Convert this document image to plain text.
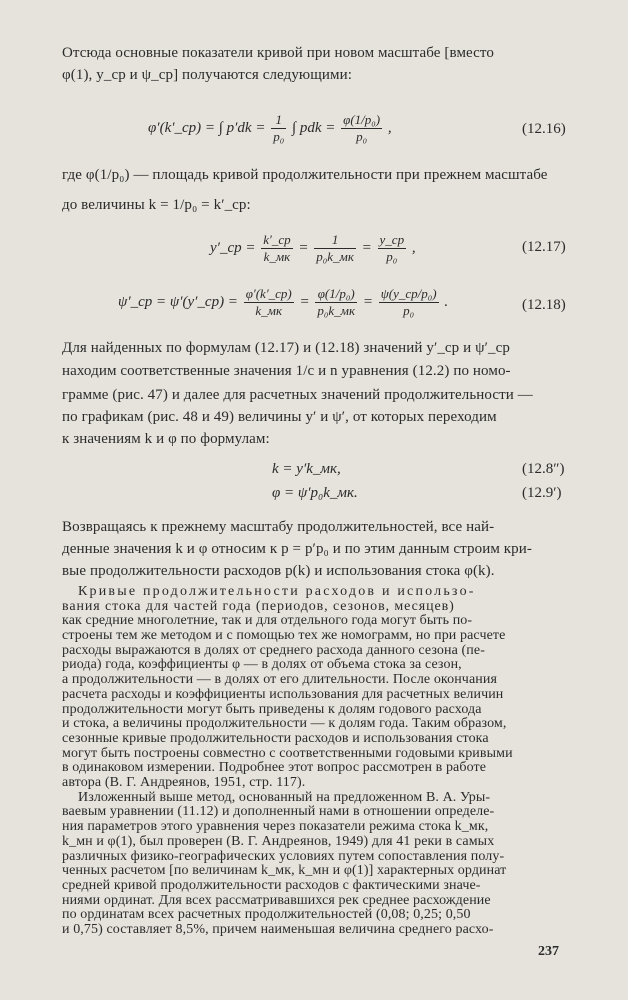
Отсюда основные показатели кривой при новом масштабе [вместо
φ(1), y_ср и ψ_ср] получаются следующими:
φ′(k′_ср) = ∫ $p'dk = \frac{1}{\text{p₀}}$ ∫ pdk = $\frac{\text{φ(1/p₀)}}{\text{p₀}}$ ,	(12.16)
где φ(1/p₀) — площадь кривой продолжительности при прежнем масштабе
до величины k = 1/p₀ = k′_ср:
y′_ср = $\frac{k'\_ср}{k\_мк} = \frac{1}{\text{p₀k\_мк}} = \frac{y\_ср}{\text{p₀}}$ ,	(12.17)
ψ′_ср = ψ′(y′_ср) = $\frac{\varphi'(k'\_ср)}{k\_мк} = \frac{\text{φ(1/p₀)}}{\text{p₀k\_мк}} = \frac{\text{ψ(y\_ср/p₀)}}{\text{p₀}}$ .	(12.18)
Для найденных по формулам (12.17) и (12.18) значений y′_ср и ψ′_ср
находим соответственные значения 1/c и n уравнения (12.2) по номо-
грамме (рис. 47) и далее для расчетных значений продолжительности —
по графикам (рис. 48 и 49) величины y′ и ψ′, от которых переходим
к значениям k и φ по формулам:
k = y′k_мк,	(12.8″)
φ = ψ′p₀k_мк.	(12.9′)
Возвращаясь к прежнему масштабу продолжительностей, все най-
денные значения k и φ относим к p = p′p₀ и по этим данным строим кри-
вые продолжительности расходов p(k) и использования стока φ(k).
237
Кривые продолжительности расходов и использо-
вания стока для частей года (периодов, сезонов, месяцев)
как средние многолетние, так и для отдельного года могут быть по-
строены тем же методом и с помощью тех же номограмм, но при расчете
расходы выражаются в долях от среднего расхода данного сезона (пе-
риода) года, коэффициенты φ — в долях от объема стока за сезон,
а продолжительности — в долях от его длительности. После окончания
расчета расходы и коэффициенты использования для расчетных величин
продолжительности могут быть приведены к долям годового расхода
и стока, а величины продолжительности — к долям года. Таким образом,
сезонные кривые продолжительности расходов и использования стока
могут быть построены совместно с соответственными годовыми кривыми
в одинаковом измерении. Подробнее этот вопрос рассмотрен в работе
автора (В. Г. Андреянов, 1951, стр. 117).
Изложенный выше метод, основанный на предложенном В. А. Уры-
ваевым уравнении (11.12) и дополненный нами в отношении определе-
ния параметров этого уравнения через показатели режима стока k_мк,
k_мн и φ(1), был проверен (В. Г. Андреянов, 1949) для 41 реки в самых
различных физико-географических условиях путем сопоставления полу-
ченных расчетом [по величинам k_мк, k_мн и φ(1)] характерных ординат
средней кривой продолжительности расходов с фактическими значе-
ниями ординат. Для всех рассматривавшихся рек среднее расхождение
по ординатам всех расчетных продолжительностей (0,08; 0,25; 0,50
и 0,75) составляет 8,5%, причем наименьшая величина среднего расхо-
